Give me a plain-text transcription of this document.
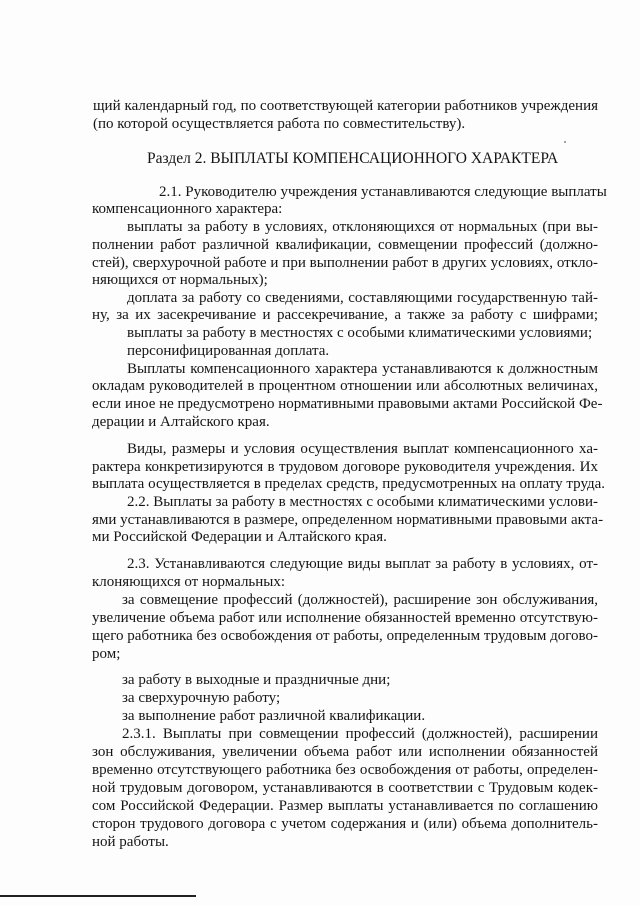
щий календарный год, по соответствующей категории работников учреждения

(по которой осуществляется работа по совместительству).

Раздел 2. ВЫПЛАТЫ КОМПЕНСАЦИОННОГО ХАРАКТЕРА

2.1. Руководителю учреждения устанавливаются следующие выплаты

компенсационного характера:

выплаты за работу в условиях, отклоняющихся от нормальных (при вы-

полнении работ различной квалификации, совмещении профессий (должно-

стей), сверхурочной работе и при выполнении работ в других условиях, откло-

няющихся от нормальных);

доплата за работу со сведениями, составляющими государственную тай-

ну, за их засекречивание и рассекречивание, а также за работу с шифрами;

выплаты за работу в местностях с особыми климатическими условиями;

персонифицированная доплата.

Выплаты компенсационного характера устанавливаются к должностным

окладам руководителей в процентном отношении или абсолютных величинах,

если иное не предусмотрено нормативными правовыми актами Российской Фе-

дерации и Алтайского края.

Виды, размеры и условия осуществления выплат компенсационного ха-

рактера конкретизируются в трудовом договоре руководителя учреждения. Их

выплата осуществляется в пределах средств, предусмотренных на оплату труда.

2.2. Выплаты за работу в местностях с особыми климатическими услови-

ями устанавливаются в размере, определенном нормативными правовыми акта-

ми Российской Федерации и Алтайского края.

2.3. Устанавливаются следующие виды выплат за работу в условиях, от-

клоняющихся от нормальных:

за совмещение профессий (должностей), расширение зон обслуживания,

увеличение объема работ или исполнение обязанностей временно отсутствую-

щего работника без освобождения от работы, определенным трудовым догово-

ром;

за работу в выходные и праздничные дни;

за сверхурочную работу;

за выполнение работ различной квалификации.

2.3.1. Выплаты при совмещении профессий (должностей), расширении

зон обслуживания, увеличении объема работ или исполнении обязанностей

временно отсутствующего работника без освобождения от работы, определен-

ной трудовым договором, устанавливаются в соответствии с Трудовым кодек-

сом Российской Федерации. Размер выплаты устанавливается по соглашению

сторон трудового договора с учетом содержания и (или) объема дополнитель-

ной работы.
